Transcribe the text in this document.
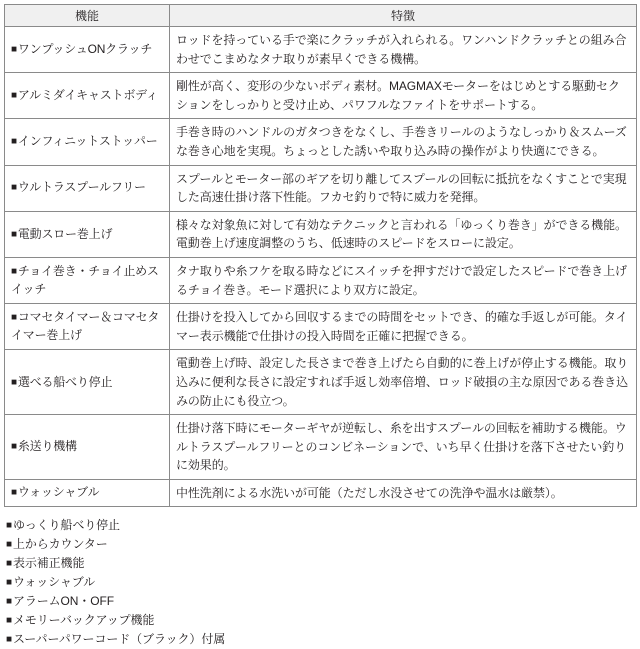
機能	特徴
■ワンプッシュONクラッチ	ロッドを持っている手で楽にクラッチが入れられる。ワンハンドクラッチとの組み合わせでこまめなタナ取りが素早くできる機構。
■アルミダイキャストボディ	剛性が高く、変形の少ないボディ素材。MAGMAXモーターをはじめとする駆動セクションをしっかりと受け止め、パワフルなファイトをサポートする。
■インフィニットストッパー	手巻き時のハンドルのガタつきをなくし、手巻きリールのようなしっかり＆スムーズな巻き心地を実現。ちょっとした誘いや取り込み時の操作がより快適にできる。
■ウルトラスプールフリー	スプールとモーター部のギアを切り離してスプールの回転に抵抗をなくすことで実現した高速仕掛け落下性能。フカセ釣りで特に威力を発揮。
■電動スロー巻上げ	様々な対象魚に対して有効なテクニックと言われる「ゆっくり巻き」ができる機能。電動巻上げ速度調整のうち、低速時のスピードをスローに設定。
■チョイ巻き・チョイ止めスイッチ	タナ取りや糸フケを取る時などにスイッチを押すだけで設定したスピードで巻き上げるチョイ巻き。モード選択により双方に設定。
■コマセタイマー＆コマセタイマー巻上げ	仕掛けを投入してから回収するまでの時間をセットでき、的確な手返しが可能。タイマー表示機能で仕掛けの投入時間を正確に把握できる。
■選べる船べり停止	電動巻上げ時、設定した長さまで巻き上げたら自動的に巻上げが停止する機能。取り込みに便利な長さに設定すれば手返し効率倍増、ロッド破損の主な原因である巻き込みの防止にも役立つ。
■糸送り機構	仕掛け落下時にモーターギヤが逆転し、糸を出すスプールの回転を補助する機能。ウルトラスプールフリーとのコンビネーションで、いち早く仕掛けを落下させたい釣りに効果的。
■ウォッシャブル	中性洗剤による水洗いが可能（ただし水没させての洗浄や温水は厳禁）。
■ゆっくり船べり停止
■上からカウンター
■表示補正機能
■ウォッシャブル
■アラームON・OFF
■メモリーバックアップ機能
■スーパーパワーコード（ブラック）付属
